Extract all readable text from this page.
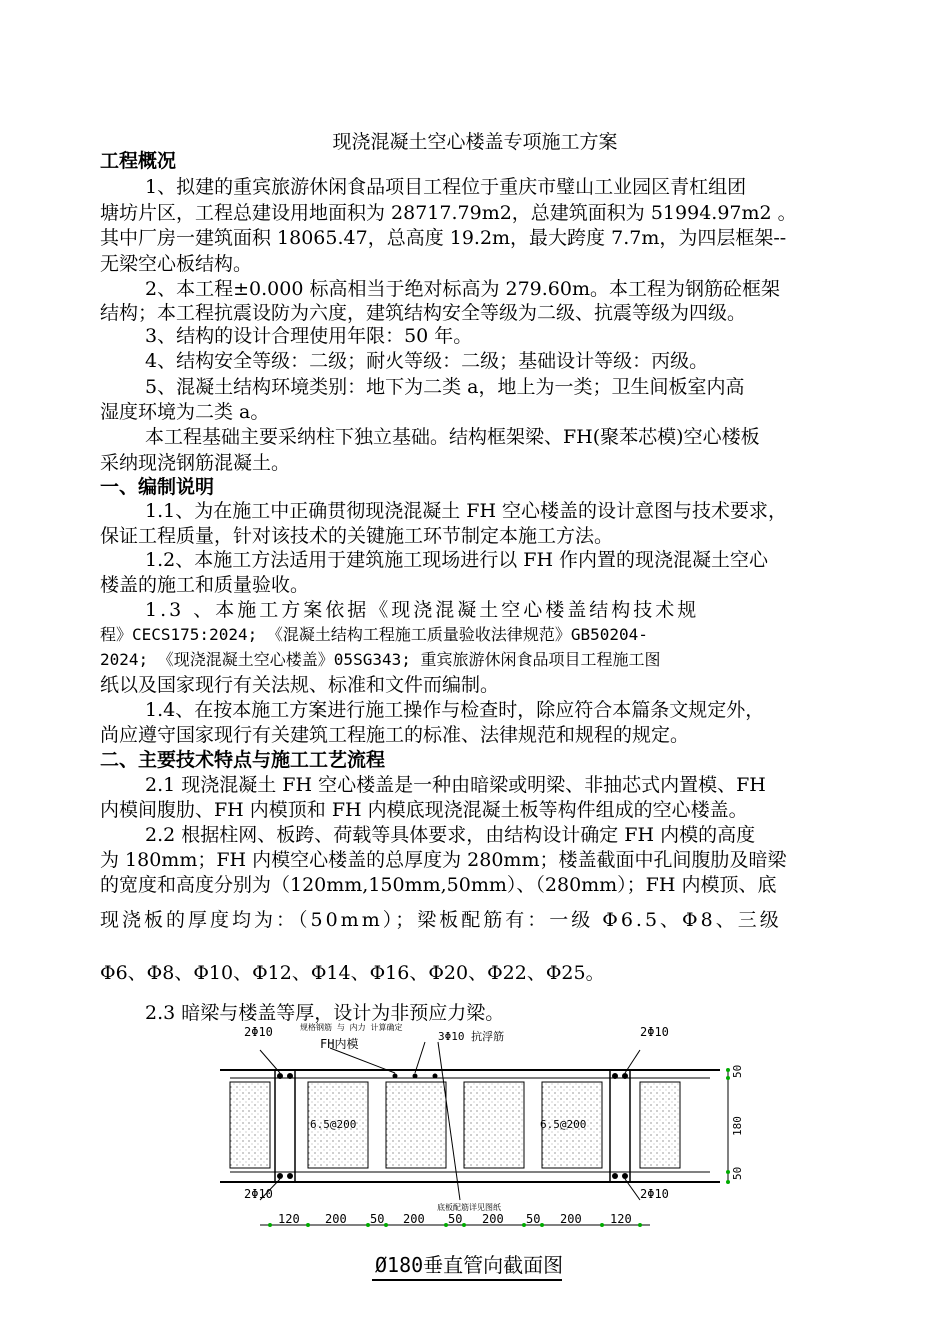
现浇混凝土空心楼盖专项施工方案
工程概况
1、拟建的重宾旅游休闲食品项目工程位于重庆市璧山工业园区青杠组团
塘坊片区，工程总建设用地面积为 28717.79m2，总建筑面积为 51994.97m2 。
其中厂房一建筑面积 18065.47，总高度 19.2m，最大跨度 7.7m，为四层框架--
无梁空心板结构。
2、本工程±0.000 标高相当于绝对标高为 279.60m。本工程为钢筋砼框架
结构；本工程抗震设防为六度，建筑结构安全等级为二级、抗震等级为四级。
3、结构的设计合理使用年限：50 年。
4、结构安全等级：二级；耐火等级：二级；基础设计等级：丙级。
5、混凝土结构环境类别：地下为二类 a，地上为一类；卫生间板室内高
湿度环境为二类 a。
本工程基础主要采纳柱下独立基础。结构框架梁、FH(聚苯芯模)空心楼板
采纳现浇钢筋混凝土。
一、编制说明
1.1、为在施工中正确贯彻现浇混凝土 FH 空心楼盖的设计意图与技术要求，
保证工程质量，针对该技术的关键施工环节制定本施工方法。
1.2、本施工方法适用于建筑施工现场进行以 FH 作内置的现浇混凝土空心
楼盖的施工和质量验收。
1.3 、本施工方案依据《现浇混凝土空心楼盖结构技术规
程》CECS175:2024; 《混凝土结构工程施工质量验收法律规范》GB50204-
2024; 《现浇混凝土空心楼盖》05SG343; 重宾旅游休闲食品项目工程施工图
纸以及国家现行有关法规、标准和文件而编制。
1.4、在按本施工方案进行施工操作与检查时，除应符合本篇条文规定外，
尚应遵守国家现行有关建筑工程施工的标准、法律规范和规程的规定。
二、主要技术特点与施工工艺流程
2.1 现浇混凝土 FH 空心楼盖是一种由暗梁或明梁、非抽芯式内置模、FH
内模间腹肋、FH 内模顶和 FH 内模底现浇混凝土板等构件组成的空心楼盖。
2.2 根据柱网、板跨、荷载等具体要求，由结构设计确定 FH 内模的高度
为 180mm；FH 内模空心楼盖的总厚度为 280mm；楼盖截面中孔间腹肋及暗梁
的宽度和高度分别为（120mm,150mm,50mm）、（280mm）；FH 内模顶、底
现浇板的厚度均为：（50mm）；梁板配筋有：一级 Φ6.5、Φ8、三级
Φ6、Φ8、Φ10、Φ12、Φ14、Φ16、Φ20、Φ22、Φ25。
2.3 暗梁与楼盖等厚，设计为非预应力梁。
规格钢筋 与 内力 计算确定
FH内模
3Φ10 抗浮筋
2Φ10	2Φ10
2Φ10	2Φ10
6.5@200	6.5@200
底板配筋详见图纸
50
180
50
120 200 50 200 50 200 50 200 120
Ø180垂直管向截面图
